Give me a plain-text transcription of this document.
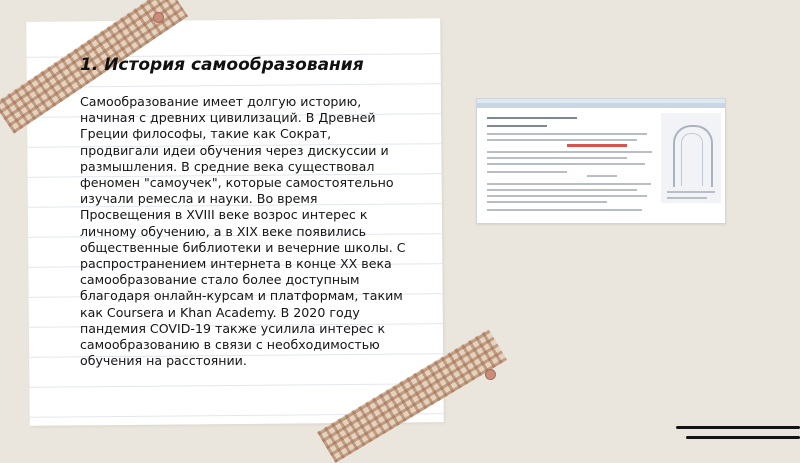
1. История самообразования

Самообразование имеет долгую историю, начиная с древних цивилизаций. В Древней Греции философы, такие как Сократ, продвигали идеи обучения через дискуссии и размышления. В средние века существовал феномен "самоучек", которые самостоятельно изучали ремесла и науки. Во время Просвещения в XVIII веке возрос интерес к личному обучению, а в XIX веке появились общественные библиотеки и вечерние школы. С распространением интернета в конце XX века самообразование стало более доступным благодаря онлайн-курсам и платформам, таким как Coursera и Khan Academy. В 2020 году пандемия COVID-19 также усилила интерес к самообразованию в связи с необходимостью обучения на расстоянии.
